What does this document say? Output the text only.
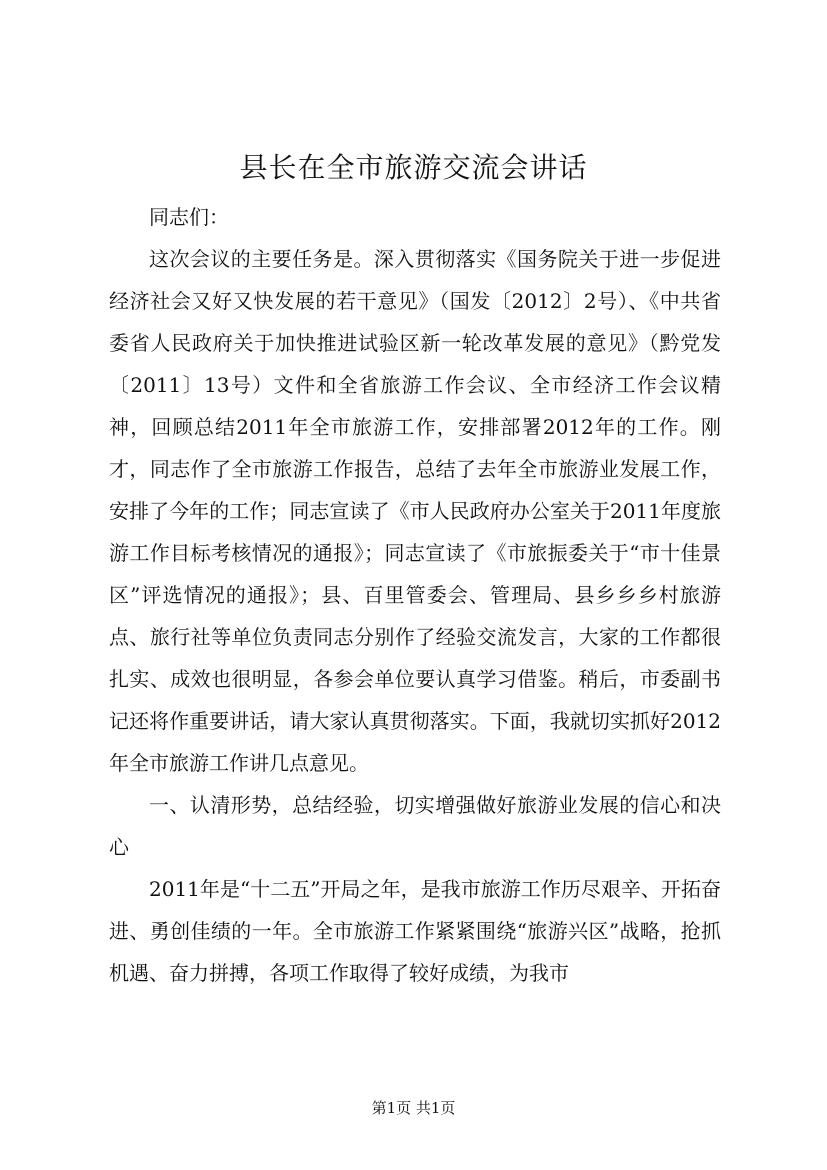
县长在全市旅游交流会讲话

同志们：

这次会议的主要任务是。深入贯彻落实《国务院关于进一步促进经济社会又好又快发展的若干意见》（国发〔2012〕2号）、《中共省委省人民政府关于加快推进试验区新一轮改革发展的意见》（黔党发〔2011〕13号）文件和全省旅游工作会议、全市经济工作会议精神，回顾总结2011年全市旅游工作，安排部署2012年的工作。刚才，同志作了全市旅游工作报告，总结了去年全市旅游业发展工作，安排了今年的工作；同志宣读了《市人民政府办公室关于2011年度旅游工作目标考核情况的通报》；同志宣读了《市旅振委关于“市十佳景区”评选情况的通报》；县、百里管委会、管理局、县乡乡乡村旅游点、旅行社等单位负责同志分别作了经验交流发言，大家的工作都很扎实、成效也很明显，各参会单位要认真学习借鉴。稍后，市委副书记还将作重要讲话，请大家认真贯彻落实。下面，我就切实抓好2012年全市旅游工作讲几点意见。

一、认清形势，总结经验，切实增强做好旅游业发展的信心和决心

2011年是“十二五”开局之年，是我市旅游工作历尽艰辛、开拓奋进、勇创佳绩的一年。全市旅游工作紧紧围绕“旅游兴区”战略，抢抓机遇、奋力拼搏，各项工作取得了较好成绩，为我市

第1页 共1页
